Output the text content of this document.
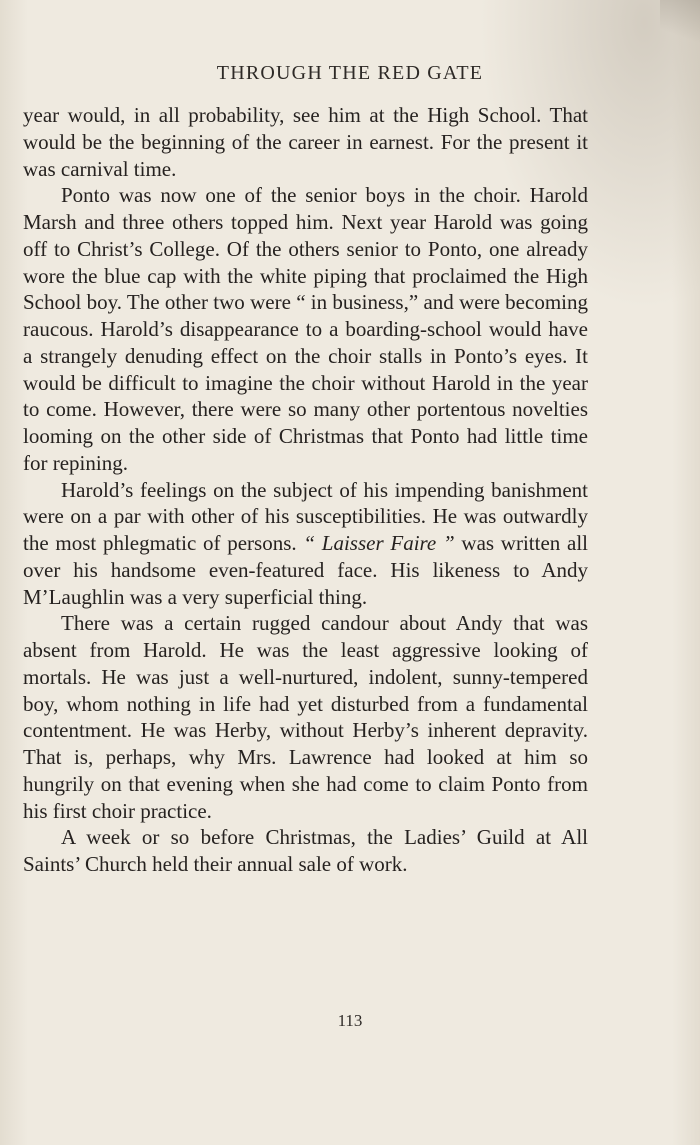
THROUGH THE RED GATE

year would, in all probability, see him at the High School. That would be the beginning of the career in earnest. For the present it was carnival time.

Ponto was now one of the senior boys in the choir. Harold Marsh and three others topped him. Next year Harold was going off to Christ’s College. Of the others senior to Ponto, one already wore the blue cap with the white piping that proclaimed the High School boy. The other two were “ in business,” and were becoming raucous. Harold’s disappearance to a boarding-school would have a strangely denuding effect on the choir stalls in Ponto’s eyes. It would be difficult to imagine the choir without Harold in the year to come. However, there were so many other portentous novelties looming on the other side of Christmas that Ponto had little time for repining.

Harold’s feelings on the subject of his impending banishment were on a par with other of his susceptibilities. He was outwardly the most phlegmatic of persons. “ Laisser Faire ” was written all over his handsome even-featured face. His likeness to Andy M’Laughlin was a very superficial thing.

There was a certain rugged candour about Andy that was absent from Harold. He was the least aggressive looking of mortals. He was just a well-nurtured, indolent, sunny-tempered boy, whom nothing in life had yet disturbed from a fundamental contentment. He was Herby, without Herby’s inherent depravity. That is, perhaps, why Mrs. Lawrence had looked at him so hungrily on that evening when she had come to claim Ponto from his first choir practice.

A week or so before Christmas, the Ladies’ Guild at All Saints’ Church held their annual sale of work.

113
